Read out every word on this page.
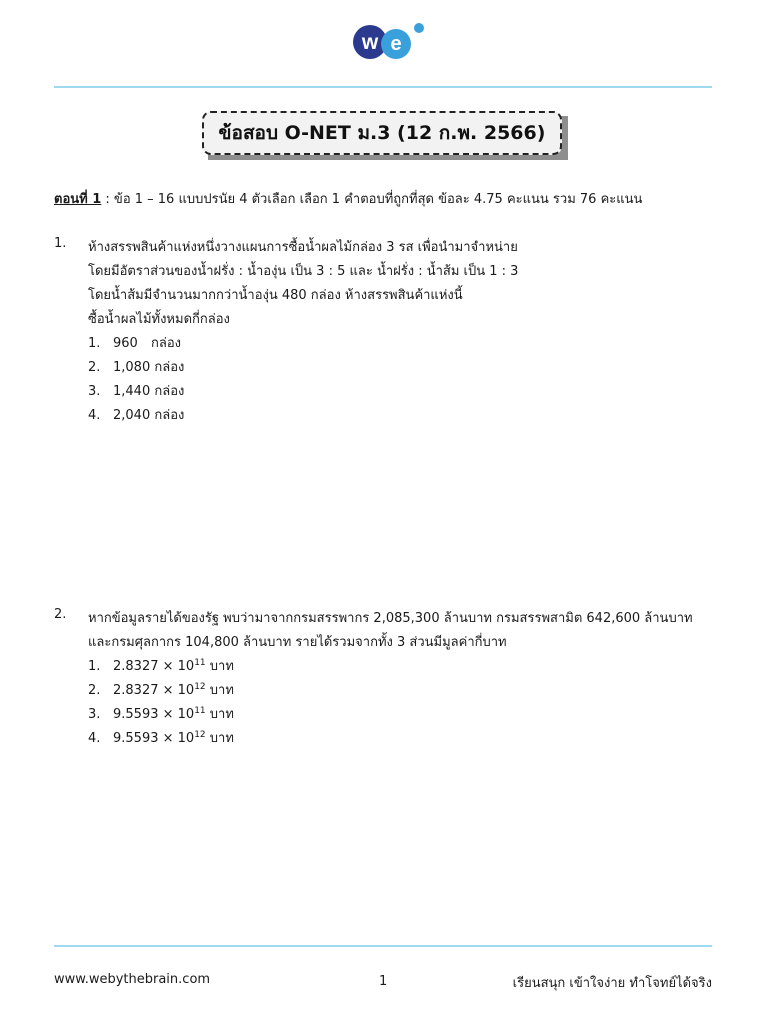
w e
ข้อสอบ O-NET ม.3 (12 ก.พ. 2566)
ตอนที่ 1 : ข้อ 1 – 16 แบบปรนัย 4 ตัวเลือก เลือก 1 คำตอบที่ถูกที่สุด ข้อละ 4.75 คะแนน รวม 76 คะแนน
1. ห้างสรรพสินค้าแห่งหนึ่งวางแผนการซื้อน้ำผลไม้กล่อง 3 รส เพื่อนำมาจำหน่าย
โดยมีอัตราส่วนของน้ำฝรั่ง : น้ำองุ่น เป็น 3 : 5 และ น้ำฝรั่ง : น้ำส้ม เป็น 1 : 3
โดยน้ำส้มมีจำนวนมากกว่าน้ำองุ่น 480 กล่อง ห้างสรรพสินค้าแห่งนี้
ซื้อน้ำผลไม้ทั้งหมดกี่กล่อง
1. 960 กล่อง
2. 1,080 กล่อง
3. 1,440 กล่อง
4. 2,040 กล่อง
2. หากข้อมูลรายได้ของรัฐ พบว่ามาจากกรมสรรพากร 2,085,300 ล้านบาท กรมสรรพสามิต 642,600 ล้านบาท
และกรมศุลกากร 104,800 ล้านบาท รายได้รวมจากทั้ง 3 ส่วนมีมูลค่ากี่บาท
1. $2.8327 \times 10^{11}$ บาท
2. $2.8327 \times 10^{12}$ บาท
3. $9.5593 \times 10^{11}$ บาท
4. $9.5593 \times 10^{12}$ บาท
www.webythebrain.com	1	เรียนสนุก เข้าใจง่าย ทำโจทย์ได้จริง
